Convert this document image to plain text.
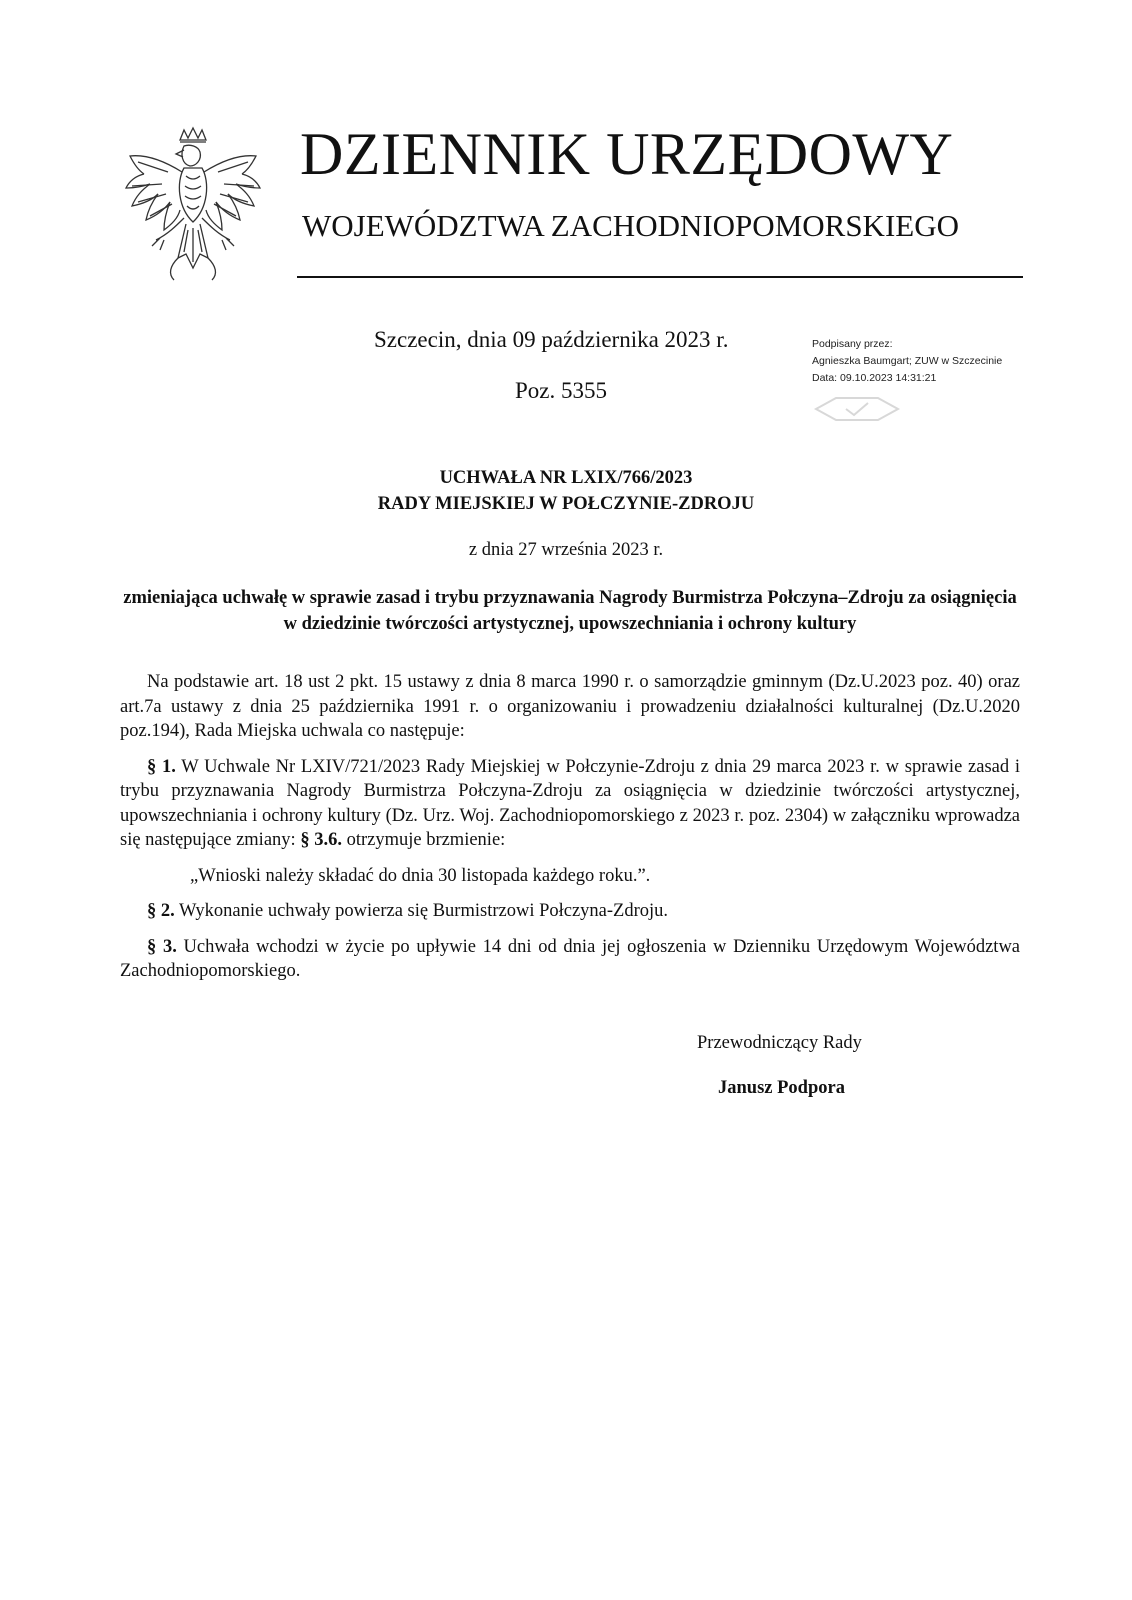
DZIENNIK URZĘDOWY
WOJEWÓDZTWA ZACHODNIOPOMORSKIEGO
Szczecin, dnia 09 października 2023 r.
Poz. 5355
Podpisany przez:
Agnieszka Baumgart; ZUW w Szczecinie
Data: 09.10.2023 14:31:21
UCHWAŁA NR LXIX/766/2023
RADY MIEJSKIEJ W POŁCZYNIE-ZDROJU
z dnia 27 września 2023 r.
zmieniająca uchwałę w sprawie zasad i trybu przyznawania Nagrody Burmistrza Połczyna–Zdroju za osiągnięcia w dziedzinie twórczości artystycznej, upowszechniania i ochrony kultury

Na podstawie art. 18 ust 2 pkt. 15 ustawy z dnia 8 marca 1990 r. o samorządzie gminnym (Dz.U.2023 poz. 40) oraz art.7a ustawy z dnia 25 października 1991 r. o organizowaniu i prowadzeniu działalności kulturalnej (Dz.U.2020 poz.194), Rada Miejska uchwala co następuje:

§ 1. W Uchwale Nr LXIV/721/2023 Rady Miejskiej w Połczynie-Zdroju z dnia 29 marca 2023 r. w sprawie zasad i trybu przyznawania Nagrody Burmistrza Połczyna-Zdroju za osiągnięcia w dziedzinie twórczości artystycznej, upowszechniania i ochrony kultury (Dz. Urz. Woj. Zachodniopomorskiego z 2023 r. poz. 2304) w załączniku wprowadza się następujące zmiany: § 3.6. otrzymuje brzmienie:

„Wnioski należy składać do dnia 30 listopada każdego roku.”.

§ 2. Wykonanie uchwały powierza się Burmistrzowi Połczyna-Zdroju.

§ 3. Uchwała wchodzi w życie po upływie 14 dni od dnia jej ogłoszenia w Dzienniku Urzędowym Województwa Zachodniopomorskiego.

Przewodniczący Rady
Janusz Podpora
